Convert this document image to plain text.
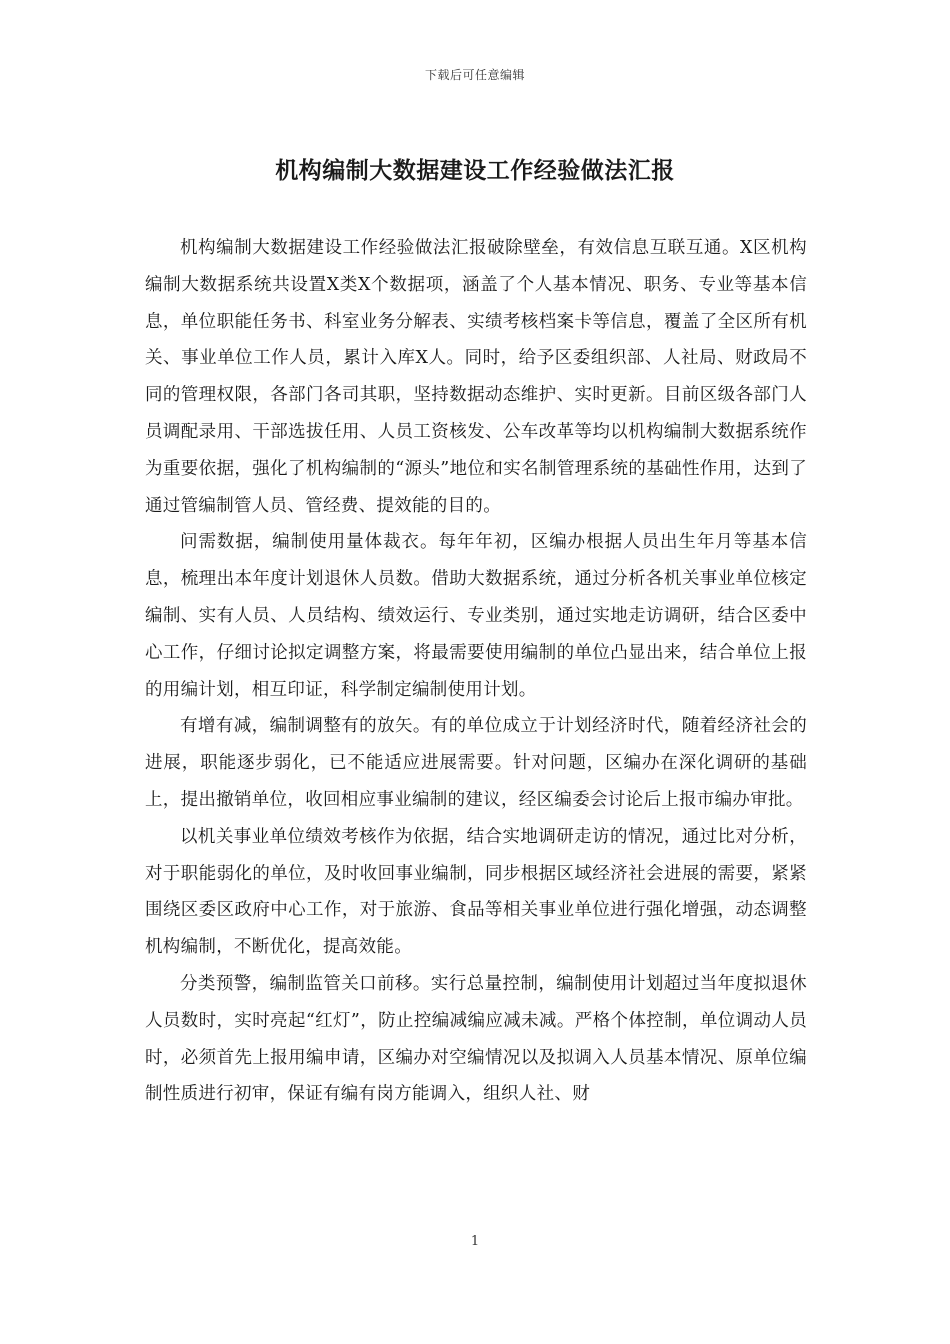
下载后可任意编辑
机构编制大数据建设工作经验做法汇报

机构编制大数据建设工作经验做法汇报破除壁垒，有效信息互联互通。X区机构编制大数据系统共设置X类X个数据项，涵盖了个人基本情况、职务、专业等基本信息，单位职能任务书、科室业务分解表、实绩考核档案卡等信息，覆盖了全区所有机关、事业单位工作人员，累计入库X人。同时，给予区委组织部、人社局、财政局不同的管理权限，各部门各司其职，坚持数据动态维护、实时更新。目前区级各部门人员调配录用、干部选拔任用、人员工资核发、公车改革等均以机构编制大数据系统作为重要依据，强化了机构编制的“源头”地位和实名制管理系统的基础性作用，达到了通过管编制管人员、管经费、提效能的目的。

问需数据，编制使用量体裁衣。每年年初，区编办根据人员出生年月等基本信息，梳理出本年度计划退休人员数。借助大数据系统，通过分析各机关事业单位核定编制、实有人员、人员结构、绩效运行、专业类别，通过实地走访调研，结合区委中心工作，仔细讨论拟定调整方案，将最需要使用编制的单位凸显出来，结合单位上报的用编计划，相互印证，科学制定编制使用计划。

有增有减，编制调整有的放矢。有的单位成立于计划经济时代，随着经济社会的进展，职能逐步弱化，已不能适应进展需要。针对问题，区编办在深化调研的基础上，提出撤销单位，收回相应事业编制的建议，经区编委会讨论后上报市编办审批。

以机关事业单位绩效考核作为依据，结合实地调研走访的情况，通过比对分析，对于职能弱化的单位，及时收回事业编制，同步根据区域经济社会进展的需要，紧紧围绕区委区政府中心工作，对于旅游、食品等相关事业单位进行强化增强，动态调整机构编制，不断优化，提高效能。

分类预警，编制监管关口前移。实行总量控制，编制使用计划超过当年度拟退休人员数时，实时亮起“红灯”，防止控编减编应减未减。严格个体控制，单位调动人员时，必须首先上报用编申请，区编办对空编情况以及拟调入人员基本情况、原单位编制性质进行初审，保证有编有岗方能调入，组织人社、财

1
